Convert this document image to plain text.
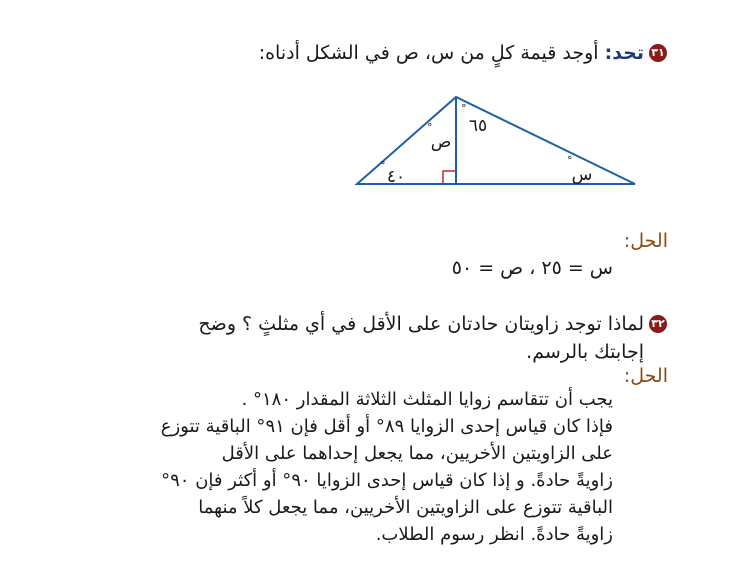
٣١
تحد: أوجد قيمة كلٍ من س، ص في الشكل أدناه:
٦٥
°
ص
°
٤٠
°	س
°
الحل:
س = ٢٥ ، ص = ٥٠
٣٢
لماذا توجد زاويتان حادتان على الأقل في أي مثلثٍ ؟ وضح
إجابتك بالرسم.
الحل:
يجب أن تتقاسم زوايا المثلث الثلاثة المقدار ١٨٠° .
فإذا كان قياس إحدى الزوايا ٨٩° أو أقل فإن ٩١° الباقية تتوزع
على الزاويتين الأخريين، مما يجعل إحداهما على الأقل
زاويةً حادةً. و إذا كان قياس إحدى الزوايا ٩٠° أو أكثر فإن ٩٠°
الباقية تتوزع على الزاويتين الأخريين، مما يجعل كلاً منهما
زاويةً حادةً. انظر رسوم الطلاب.
